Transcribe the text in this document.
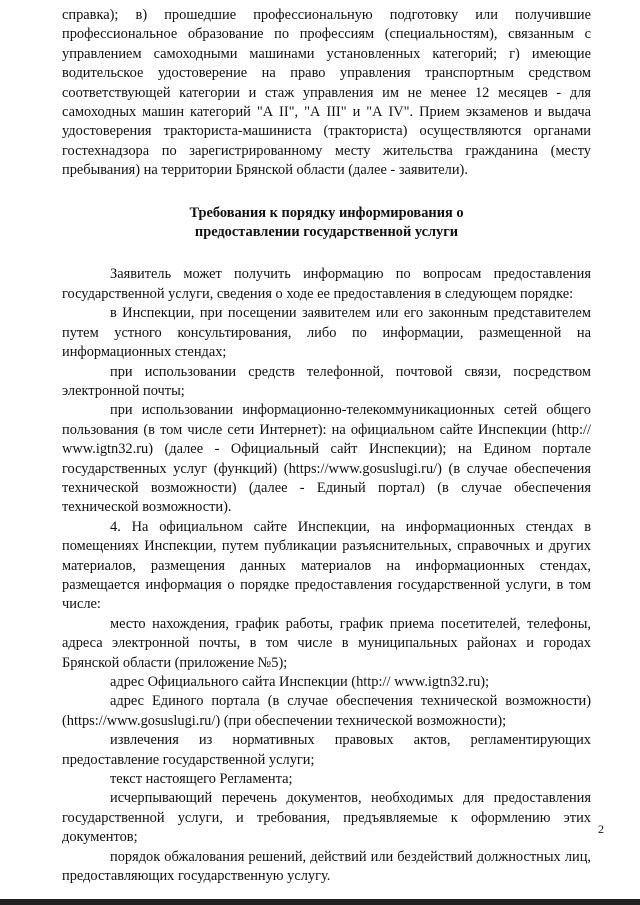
справка); в) прошедшие профессиональную подготовку или получившие профессиональное образование по профессиям (специальностям), связанным с управлением самоходными машинами установленных категорий; г) имеющие водительское удостоверение на право управления транспортным средством соответствующей категории и стаж управления им не менее 12 месяцев - для самоходных машин категорий "А II", "А III" и "А IV". Прием экзаменов и выдача удостоверения тракториста-машиниста (тракториста) осуществляются органами гостехнадзора по зарегистрированному месту жительства гражданина (месту пребывания) на территории Брянской области (далее - заявители).

Требования к порядку информирования о
предоставлении государственной услуги

Заявитель может получить информацию по вопросам предоставления государственной услуги, сведения о ходе ее предоставления в следующем порядке:

в Инспекции, при посещении заявителем или его законным представителем путем устного консультирования, либо по информации, размещенной на информационных стендах;

при использовании средств телефонной, почтовой связи, посредством электронной почты;

при использовании информационно-телекоммуникационных сетей общего пользования (в том числе сети Интернет): на официальном сайте Инспекции (http:// www.igtn32.ru) (далее - Официальный сайт Инспекции); на Едином портале государственных услуг (функций) (https://www.gosuslugi.ru/) (в случае обеспечения технической возможности) (далее - Единый портал) (в случае обеспечения технической возможности).

4. На официальном сайте Инспекции, на информационных стендах в помещениях Инспекции, путем публикации разъяснительных, справочных и других материалов, размещения данных материалов на информационных стендах, размещается информация о порядке предоставления государственной услуги, в том числе:

место нахождения, график работы, график приема посетителей, телефоны, адреса электронной почты, в том числе в муниципальных районах и городах Брянской области (приложение №5);

адрес Официального сайта Инспекции (http:// www.igtn32.ru);

адрес Единого портала (в случае обеспечения технической возможности) (https://www.gosuslugi.ru/) (при обеспечении технической возможности);

извлечения из нормативных правовых актов, регламентирующих предоставление государственной услуги;

текст настоящего Регламента;

исчерпывающий перечень документов, необходимых для предоставления государственной услуги, и требования, предъявляемые к оформлению этих документов;

порядок обжалования решений, действий или бездействий должностных лиц, предоставляющих государственную услугу.

2
